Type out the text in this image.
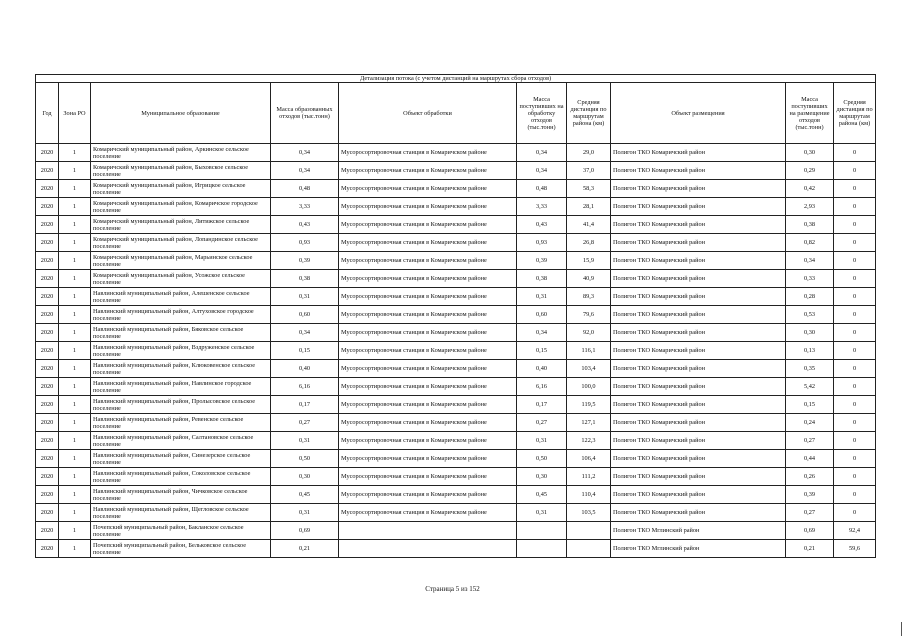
Детализация потока (с учетом дистанций на маршрутах сбора отходов)									
Год	Зона РО	Муниципальное образование	Масса образованных отходов (тыс.тонн)	Объект обработки	Масса поступивших на обработку отходов (тыс.тонн)	Средняя дистанция по маршрутам района (км)	Объект размещения	Масса поступивших на размещение отходов (тыс.тонн)	Средняя дистанция по маршрутам района (км)
2020	1	Комаричский муниципальный район, Аркинское сельское поселение	0,34	Мусоросортировочная станция в Комаричском районе	0,34	29,0	Полигон ТКО Комаричский район	0,30	0
2020	1	Комаричский муниципальный район, Быховское сельское поселение	0,34	Мусоросортировочная станция в Комаричском районе	0,34	37,0	Полигон ТКО Комаричский район	0,29	0
2020	1	Комаричский муниципальный район, Игрицкое сельское поселение	0,48	Мусоросортировочная станция в Комаричском районе	0,48	58,3	Полигон ТКО Комаричский район	0,42	0
2020	1	Комаричский муниципальный район, Комаричское городское поселение	3,33	Мусоросортировочная станция в Комаричском районе	3,33	28,1	Полигон ТКО Комаричский район	2,93	0
2020	1	Комаричский муниципальный район, Литижское сельское поселение	0,43	Мусоросортировочная станция в Комаричском районе	0,43	41,4	Полигон ТКО Комаричский район	0,38	0
2020	1	Комаричский муниципальный район, Лопандинское сельское поселение	0,93	Мусоросортировочная станция в Комаричском районе	0,93	26,8	Полигон ТКО Комаричский район	0,82	0
2020	1	Комаричский муниципальный район, Марьинское сельское поселение	0,39	Мусоросортировочная станция в Комаричском районе	0,39	15,9	Полигон ТКО Комаричский район	0,34	0
2020	1	Комаричский муниципальный район, Усожское сельское поселение	0,38	Мусоросортировочная станция в Комаричском районе	0,38	40,9	Полигон ТКО Комаричский район	0,33	0
2020	1	Навлинский муниципальный район, Алешенское сельское поселение	0,31	Мусоросортировочная станция в Комаричском районе	0,31	89,3	Полигон ТКО Комаричский район	0,28	0
2020	1	Навлинский муниципальный район, Алтуховское городское поселение	0,60	Мусоросортировочная станция в Комаричском районе	0,60	79,6	Полигон ТКО Комаричский район	0,53	0
2020	1	Навлинский муниципальный район, Бяковское сельское поселение	0,34	Мусоросортировочная станция в Комаричском районе	0,34	92,0	Полигон ТКО Комаричский район	0,30	0
2020	1	Навлинский муниципальный район, Вздруженское сельское поселение	0,15	Мусоросортировочная станция в Комаричском районе	0,15	116,1	Полигон ТКО Комаричский район	0,13	0
2020	1	Навлинский муниципальный район, Клюковенское сельское поселение	0,40	Мусоросортировочная станция в Комаричском районе	0,40	103,4	Полигон ТКО Комаричский район	0,35	0
2020	1	Навлинский муниципальный район, Навлинское городское поселение	6,16	Мусоросортировочная станция в Комаричском районе	6,16	100,0	Полигон ТКО Комаричский район	5,42	0
2020	1	Навлинский муниципальный район, Пролысовское сельское поселение	0,17	Мусоросортировочная станция в Комаричском районе	0,17	119,5	Полигон ТКО Комаричский район	0,15	0
2020	1	Навлинский муниципальный район, Ревенское сельское поселение	0,27	Мусоросортировочная станция в Комаричском районе	0,27	127,1	Полигон ТКО Комаричский район	0,24	0
2020	1	Навлинский муниципальный район, Салтановское сельское поселение	0,31	Мусоросортировочная станция в Комаричском районе	0,31	122,3	Полигон ТКО Комаричский район	0,27	0
2020	1	Навлинский муниципальный район, Синезерское сельское поселение	0,50	Мусоросортировочная станция в Комаричском районе	0,50	106,4	Полигон ТКО Комаричский район	0,44	0
2020	1	Навлинский муниципальный район, Соколовское сельское поселение	0,30	Мусоросортировочная станция в Комаричском районе	0,30	111,2	Полигон ТКО Комаричский район	0,26	0
2020	1	Навлинский муниципальный район, Чичковское сельское поселение	0,45	Мусоросортировочная станция в Комаричском районе	0,45	110,4	Полигон ТКО Комаричский район	0,39	0
2020	1	Навлинский муниципальный район, Щегловское сельское поселение	0,31	Мусоросортировочная станция в Комаричском районе	0,31	103,5	Полигон ТКО Комаричский район	0,27	0
2020	1	Почепский муниципальный район, Бакланское сельское поселение	0,69				Полигон ТКО Мглинский район	0,69	92,4
2020	1	Почепский муниципальный район, Бельковское сельское поселение	0,21				Полигон ТКО Мглинский район	0,21	59,6
Страница 5 из 152
